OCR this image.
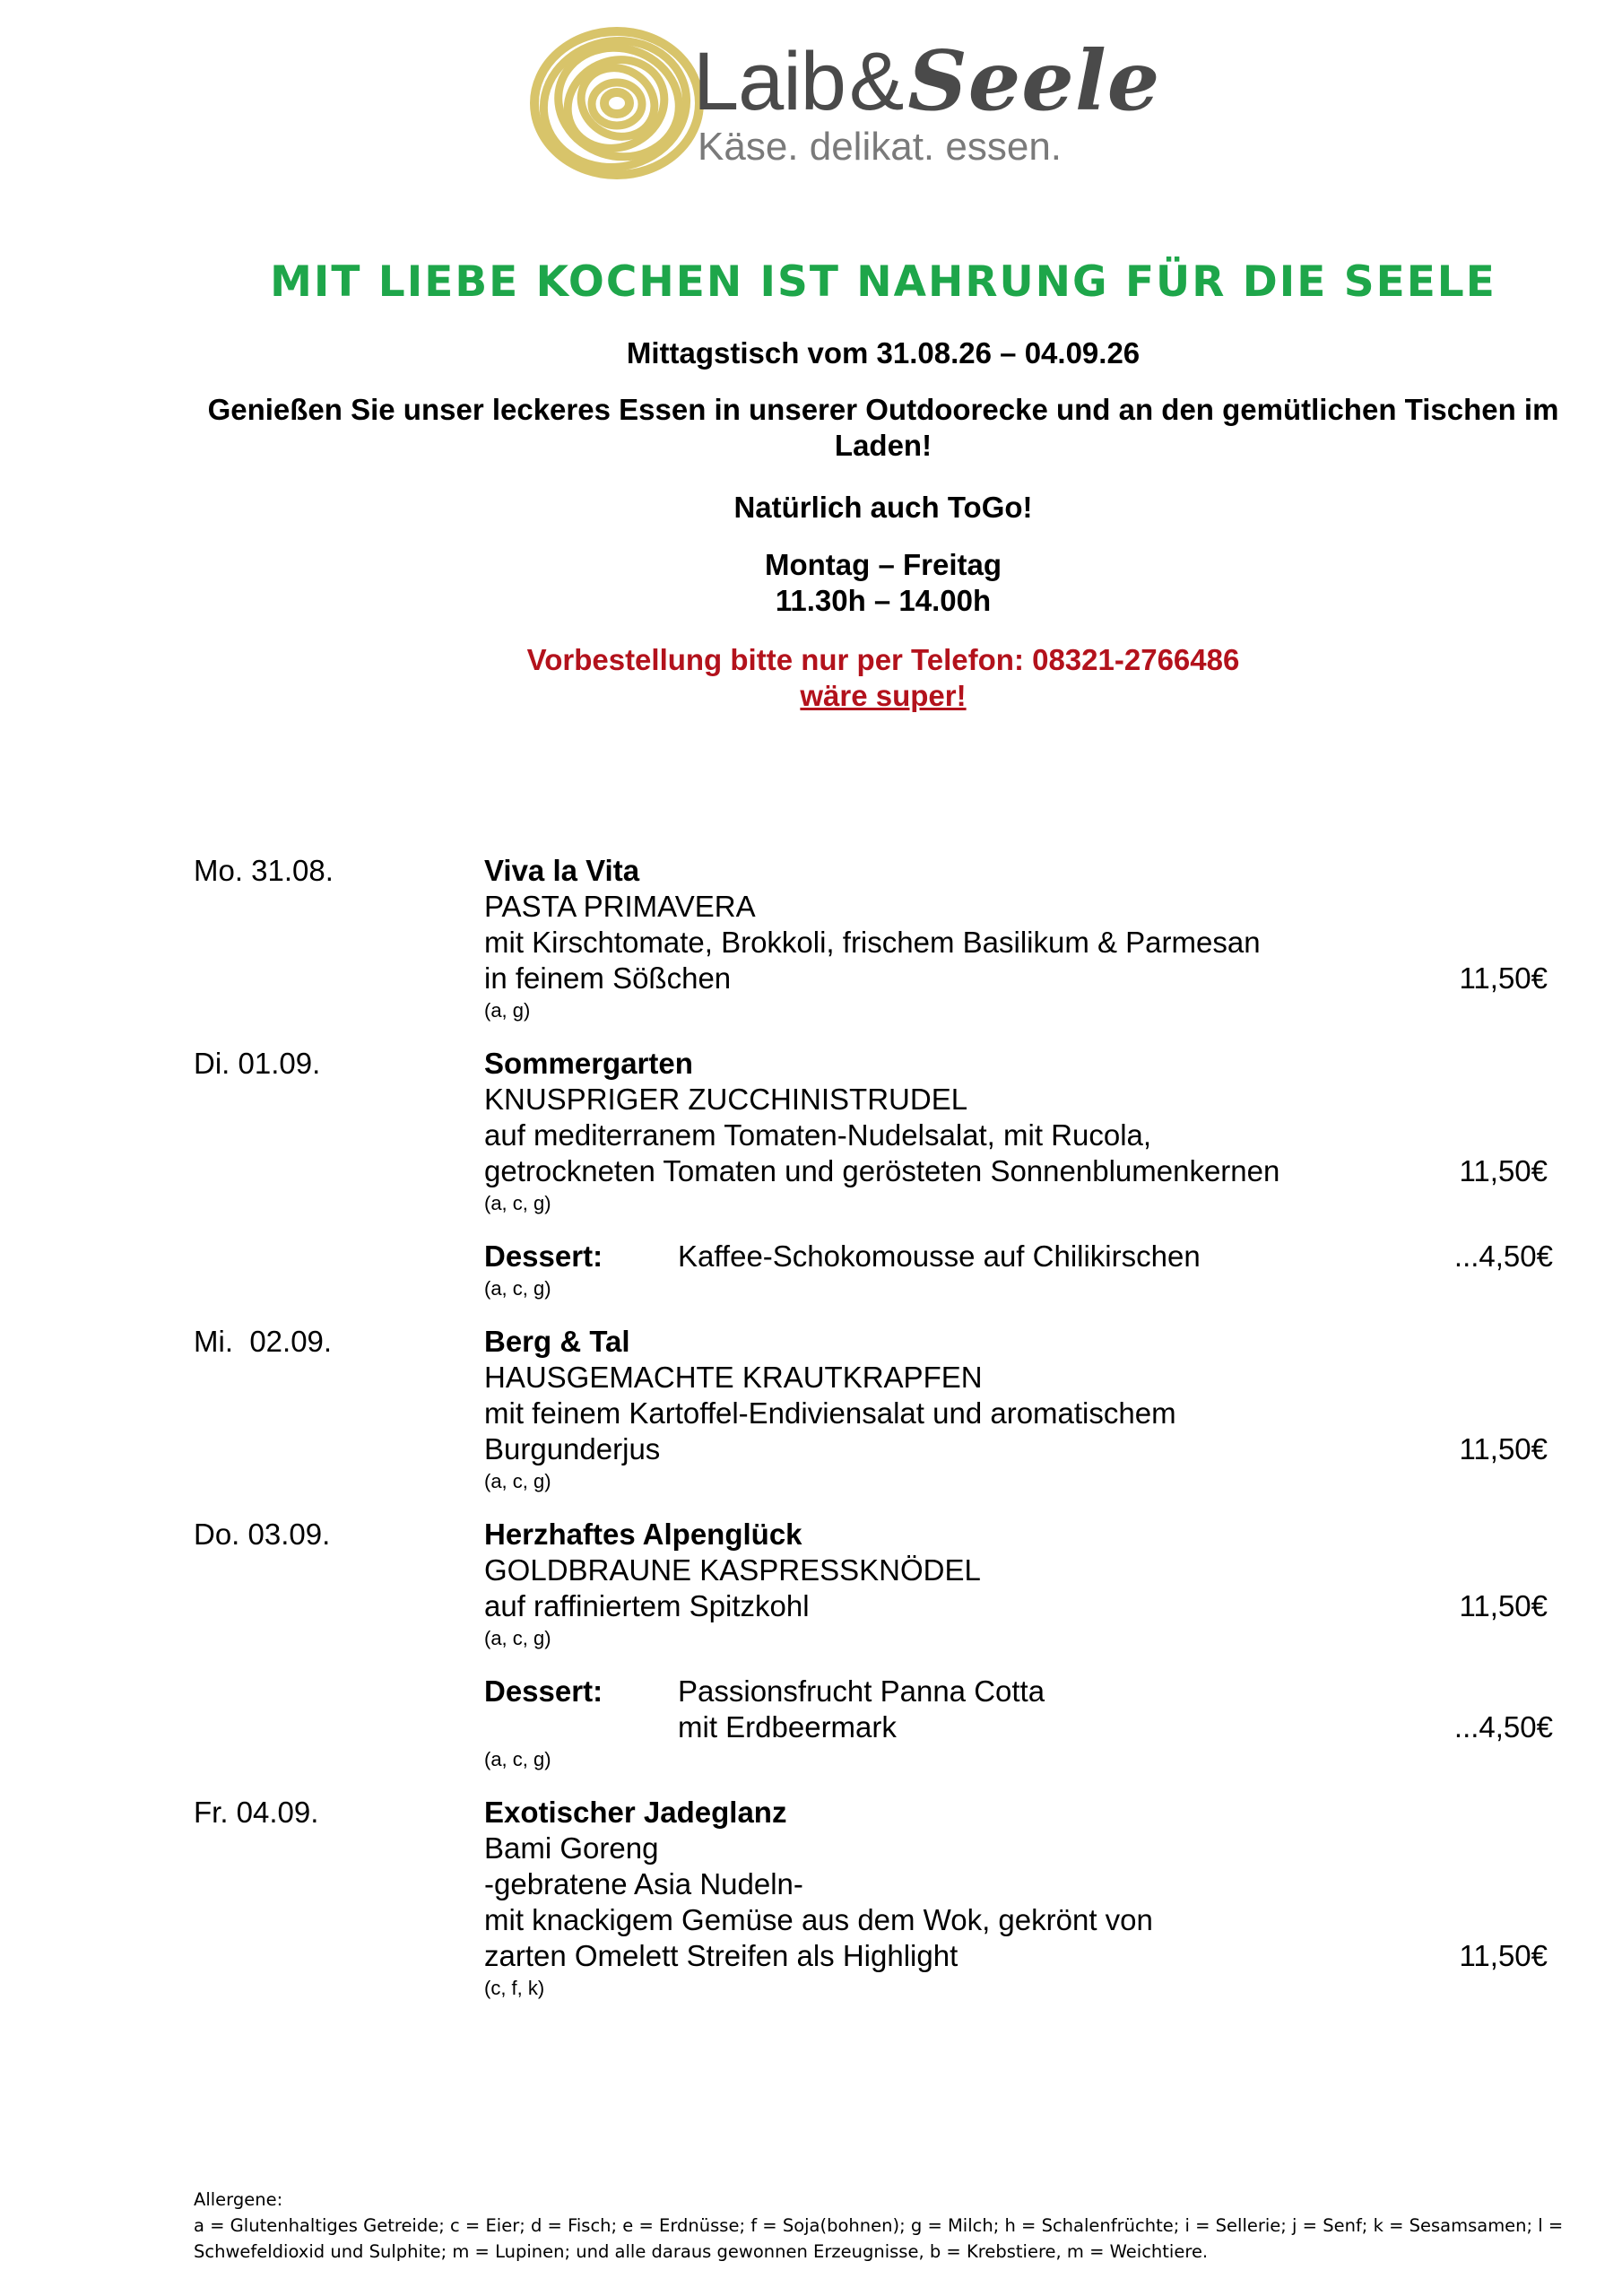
Laib&Seele
Käse. delikat. essen.
MIT LIEBE KOCHEN IST NAHRUNG FÜR DIE SEELE
Mittagstisch vom 31.08.26 – 04.09.26
Genießen Sie unser leckeres Essen in unserer Outdoorecke und an den gemütlichen Tischen im
Laden!
Natürlich auch ToGo!
Montag – Freitag
11.30h – 14.00h
Vorbestellung bitte nur per Telefon: 08321-2766486
wäre super!
Mo. 31.08.	Viva la Vita
PASTA PRIMAVERA
mit Kirschtomate, Brokkoli, frischem Basilikum & Parmesan
in feinem Sößchen	11,50€
(a, g)
Di. 01.09.	Sommergarten
KNUSPRIGER ZUCCHINISTRUDEL
auf mediterranem Tomaten-Nudelsalat, mit Rucola,
getrockneten Tomaten und gerösteten Sonnenblumenkernen	11,50€
(a, c, g)
Dessert:	Kaffee-Schokomousse auf Chilikirschen	...4,50€
(a, c, g)
Mi.  02.09.	Berg & Tal
HAUSGEMACHTE KRAUTKRAPFEN
mit feinem Kartoffel-Endiviensalat und aromatischem
Burgunderjus	11,50€
(a, c, g)
Do. 03.09.	Herzhaftes Alpenglück
GOLDBRAUNE KASPRESSKNÖDEL
auf raffiniertem Spitzkohl	11,50€
(a, c, g)
Dessert:	Passionsfrucht Panna Cotta
mit Erdbeermark	...4,50€
(a, c, g)
Fr. 04.09.	Exotischer Jadeglanz
Bami Goreng
-gebratene Asia Nudeln-
mit knackigem Gemüse aus dem Wok, gekrönt von
zarten Omelett Streifen als Highlight	11,50€
(c, f, k)
Allergene:
a = Glutenhaltiges Getreide; c = Eier; d = Fisch; e = Erdnüsse; f = Soja(bohnen); g = Milch; h = Schalenfrüchte; i = Sellerie; j = Senf; k = Sesamsamen; l =
Schwefeldioxid und Sulphite; m = Lupinen; und alle daraus gewonnen Erzeugnisse, b = Krebstiere, m = Weichtiere.
